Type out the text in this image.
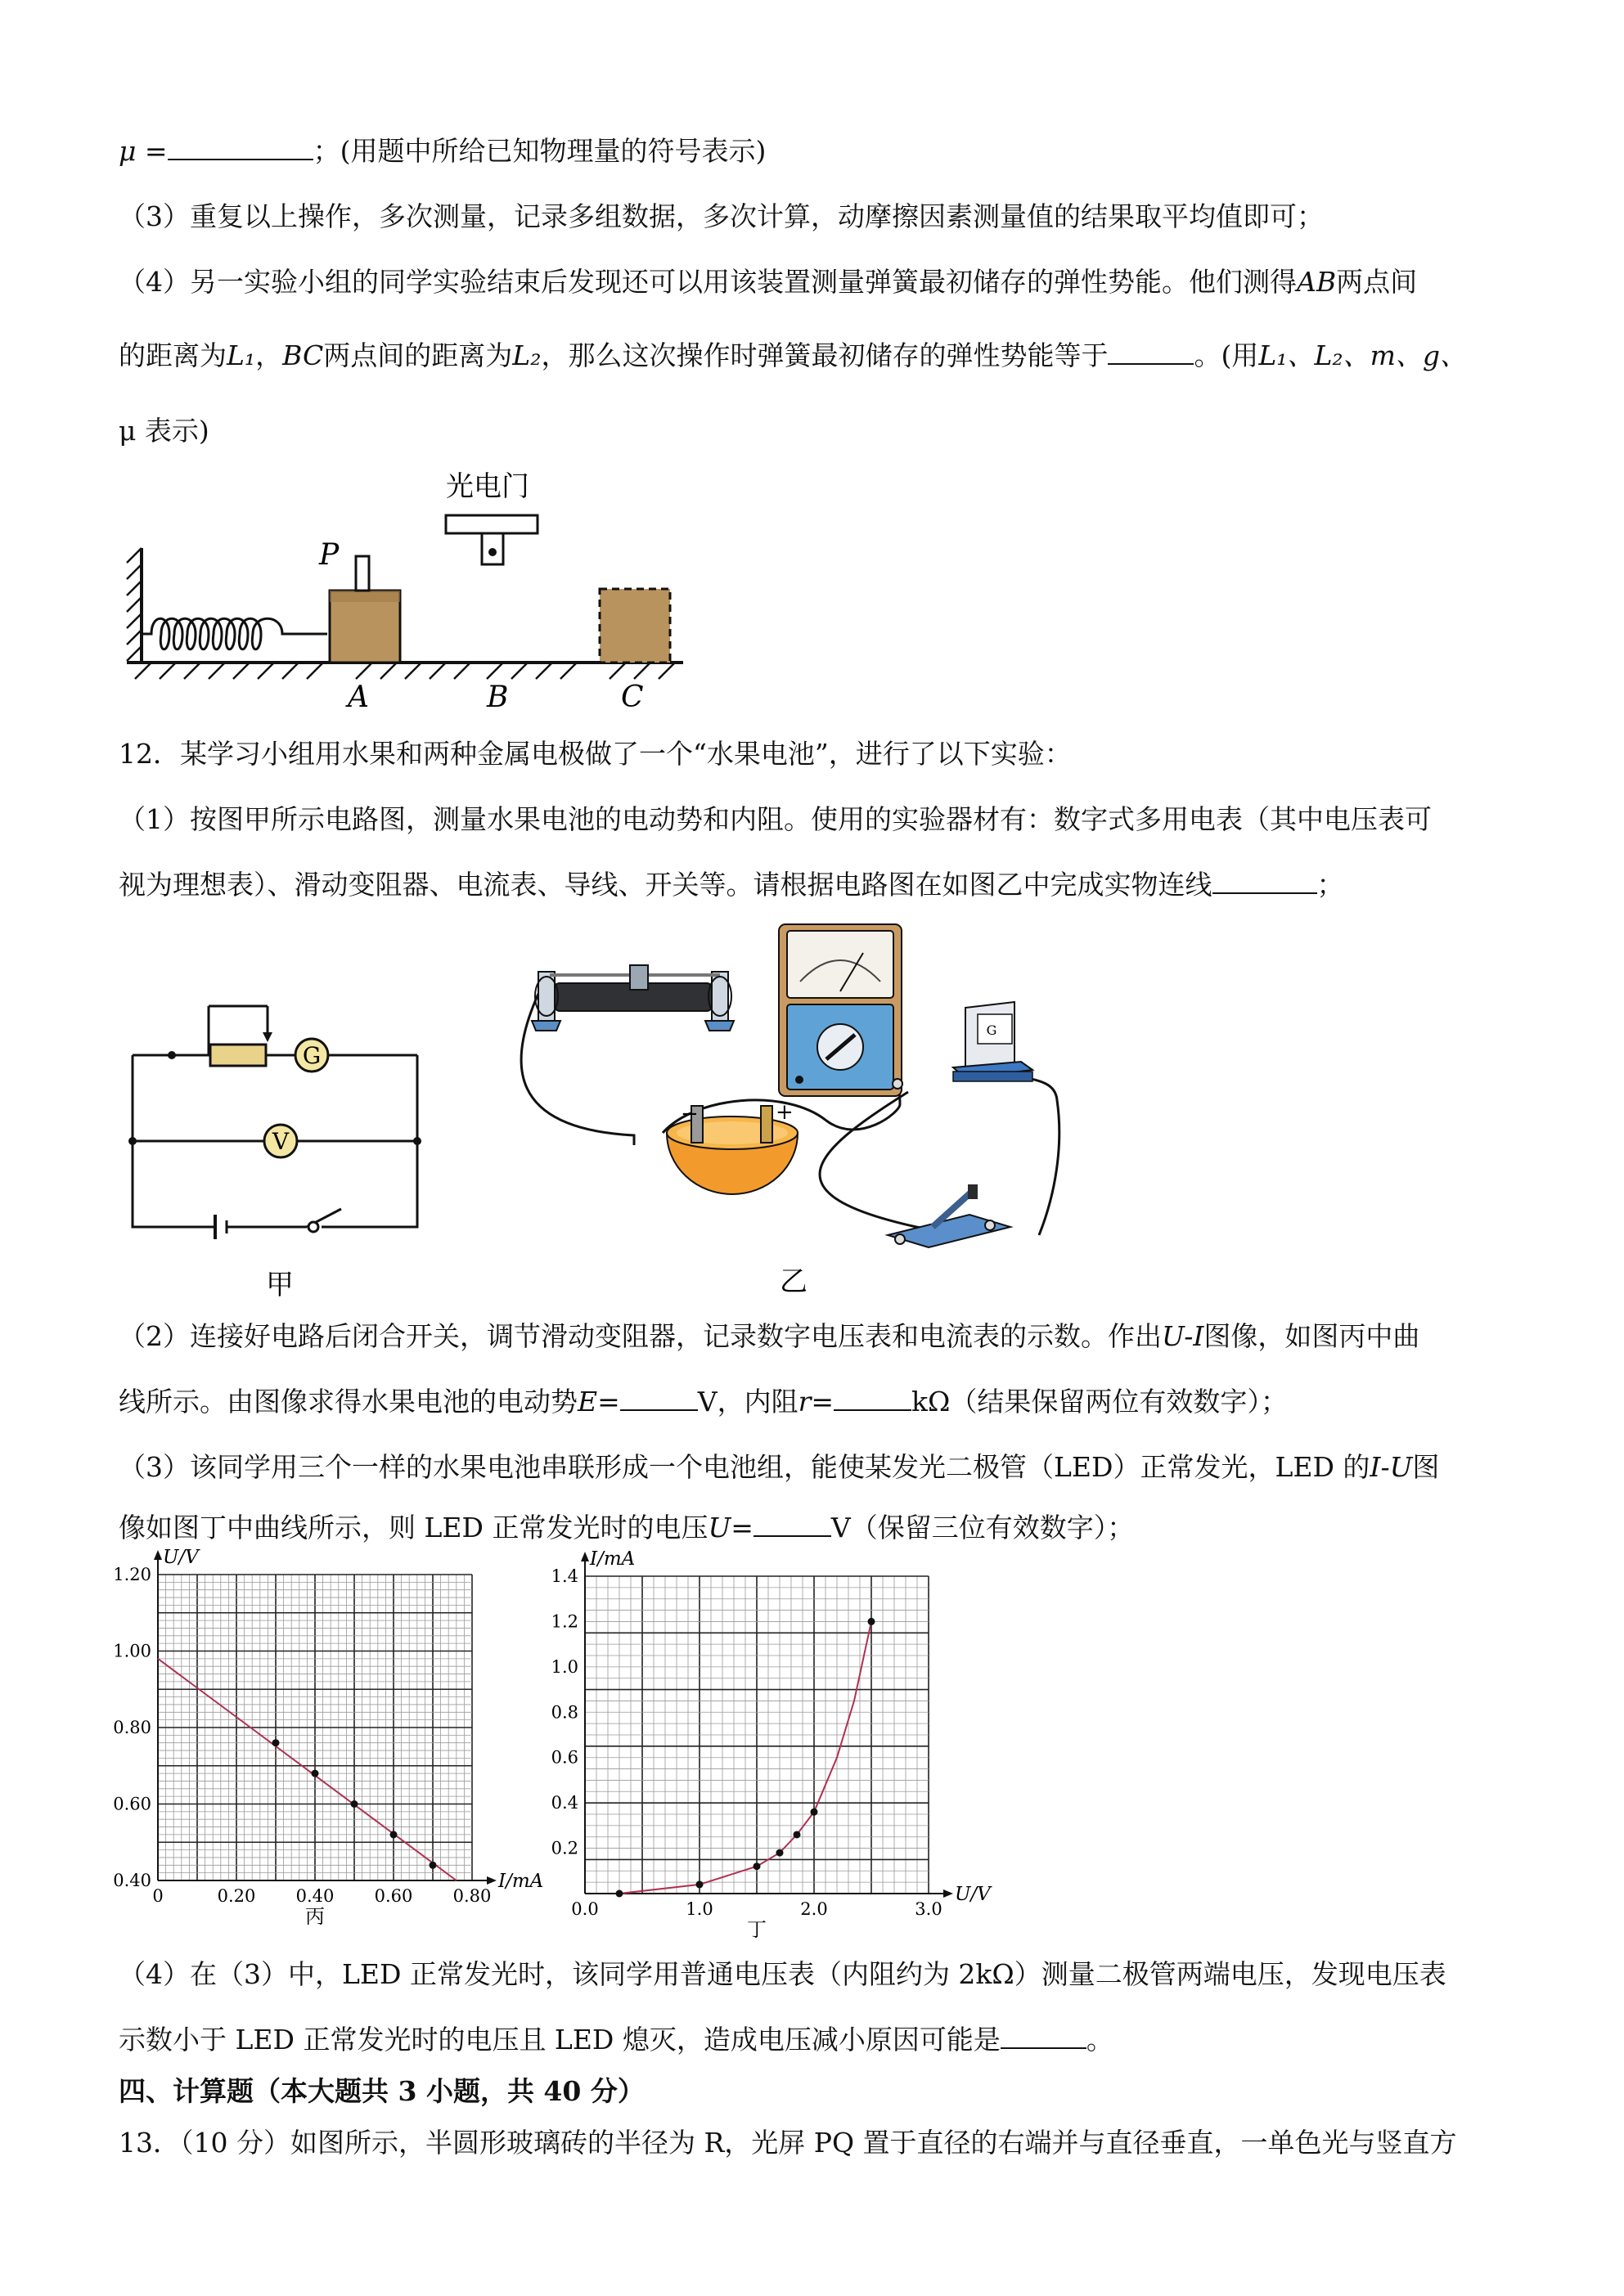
μ =	；(用题中所给已知物理量的符号表示)
（3）重复以上操作，多次测量，记录多组数据，多次计算，动摩擦因素测量值的结果取平均值即可；
（4）另一实验小组的同学实验结束后发现还可以用该装置测量弹簧最初储存的弹性势能。他们测得AB两点间
的距离为L₁，BC两点间的距离为L₂，那么这次操作时弹簧最初储存的弹性势能等于	。(用L₁、L₂、m、g、
μ 表示)
P
光电门
A	B	C
12．某学习小组用水果和两种金属电极做了一个“水果电池”，进行了以下实验：
（1）按图甲所示电路图，测量水果电池的电动势和内阻。使用的实验器材有：数字式多用电表（其中电压表可
视为理想表）、滑动变阻器、电流表、导线、开关等。请根据电路图在如图乙中完成实物连线	；
G
V
甲
G
−	+
乙
（2）连接好电路后闭合开关，调节滑动变阻器，记录数字电压表和电流表的示数。作出U-I图像，如图丙中曲
线所示。由图像求得水果电池的电动势E=	V，内阻r=	kΩ（结果保留两位有效数字）；
（3）该同学用三个一样的水果电池串联形成一个电池组，能使某发光二极管（LED）正常发光，LED 的I-U图
像如图丁中曲线所示，则 LED 正常发光时的电压U=	V（保留三位有效数字）；
0	0.20 0.40 0.60 0.80
0.40
0.60
0.80
1.00
1.20
I/mA
U/V
丙	0.0	1.0	2.0	3.0
0.2
0.4
0.6
0.8
1.0
1.2
1.4
U/V
I/mA
丁
（4）在（3）中，LED 正常发光时，该同学用普通电压表（内阻约为 2kΩ）测量二极管两端电压，发现电压表
示数小于 LED 正常发光时的电压且 LED 熄灭，造成电压减小原因可能是	。
四、计算题（本大题共 3 小题，共 40 分）
13．（10 分）如图所示，半圆形玻璃砖的半径为 R，光屏 PQ 置于直径的右端并与直径垂直，一单色光与竖直方
